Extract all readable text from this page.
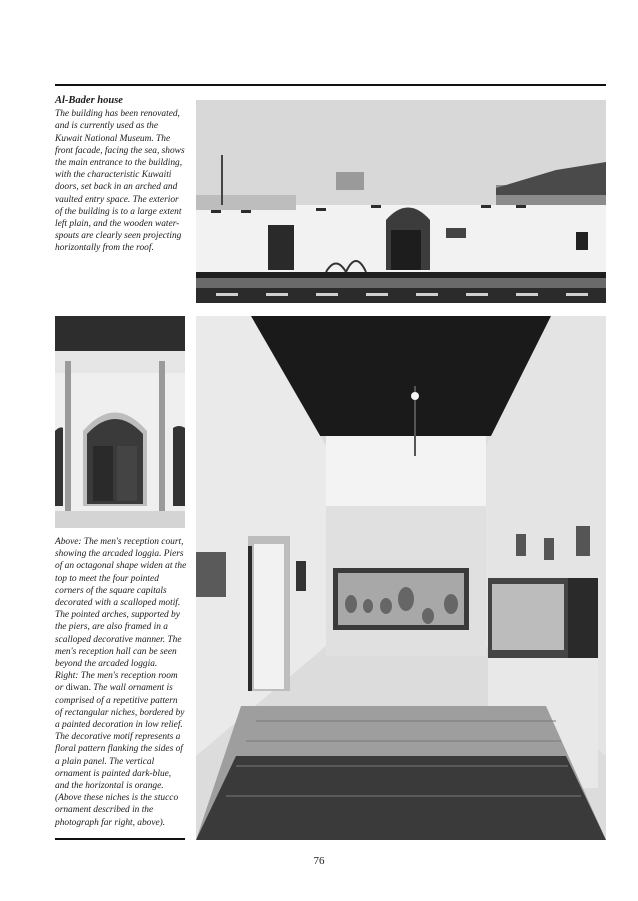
Al-Bader house
The building has been renovated, and is currently used as the Kuwait National Museum. The front facade, facing the sea, shows the main entrance to the building, with the characteristic Kuwaiti doors, set back in an arched and vaulted entry space. The exterior of the building is to a large extent left plain, and the wooden water-spouts are clearly seen projecting horizontally from the roof.

Above: The men's reception court, showing the arcaded loggia. Piers of an octagonal shape widen at the top to meet the four pointed corners of the square capitals decorated with a scalloped motif. The pointed arches, supported by the piers, are also framed in a scalloped decorative manner. The men's reception hall can be seen beyond the arcaded loggia.

Right: The men's reception room or diwan. The wall ornament is comprised of a repetitive pattern of rectangular niches, bordered by a painted decoration in low relief. The decorative motif represents a floral pattern flanking the sides of a plain panel. The vertical ornament is painted dark-blue, and the horizontal is orange. (Above these niches is the stucco ornament described in the photograph far right, above).

76
